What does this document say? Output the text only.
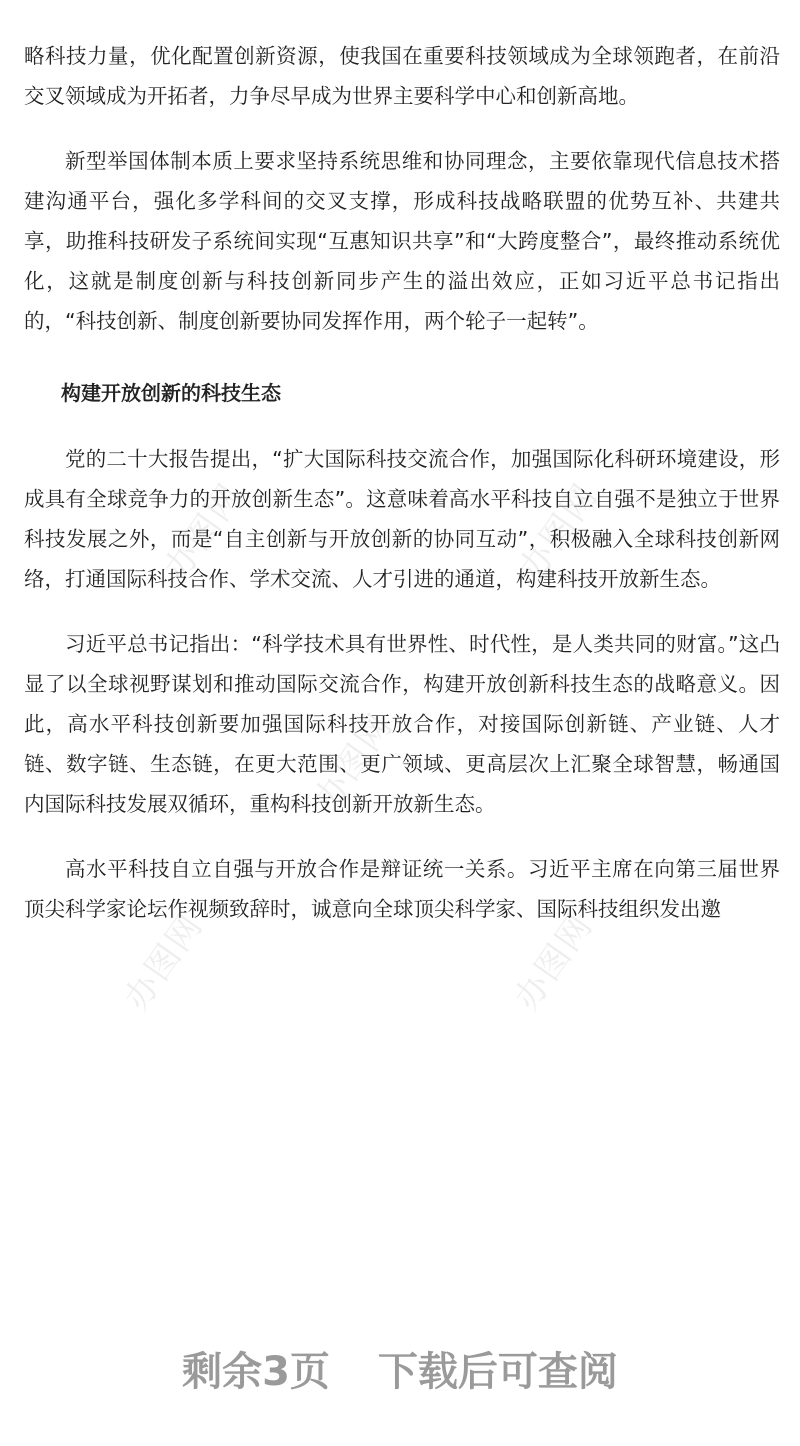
办图网	办图网
办图网
办图网	办图网

略科技力量，优化配置创新资源，使我国在重要科技领域成为全球领跑者，在前沿交叉领域成为开拓者，力争尽早成为世界主要科学中心和创新高地。

新型举国体制本质上要求坚持系统思维和协同理念，主要依靠现代信息技术搭建沟通平台，强化多学科间的交叉支撑，形成科技战略联盟的优势互补、共建共享，助推科技研发子系统间实现“互惠知识共享”和“大跨度整合”，最终推动系统优化，这就是制度创新与科技创新同步产生的溢出效应，正如习近平总书记指出的，“科技创新、制度创新要协同发挥作用，两个轮子一起转”。

构建开放创新的科技生态

党的二十大报告提出，“扩大国际科技交流合作，加强国际化科研环境建设，形成具有全球竞争力的开放创新生态”。这意味着高水平科技自立自强不是独立于世界科技发展之外，而是“自主创新与开放创新的协同互动”，积极融入全球科技创新网络，打通国际科技合作、学术交流、人才引进的通道，构建科技开放新生态。

习近平总书记指出：“科学技术具有世界性、时代性，是人类共同的财富。”这凸显了以全球视野谋划和推动国际交流合作，构建开放创新科技生态的战略意义。因此，高水平科技创新要加强国际科技开放合作，对接国际创新链、产业链、人才链、数字链、生态链，在更大范围、更广领域、更高层次上汇聚全球智慧，畅通国内国际科技发展双循环，重构科技创新开放新生态。

高水平科技自立自强与开放合作是辩证统一关系。习近平主席在向第三届世界顶尖科学家论坛作视频致辞时，诚意向全球顶尖科学家、国际科技组织发出邀

剩余3页 下载后可查阅
